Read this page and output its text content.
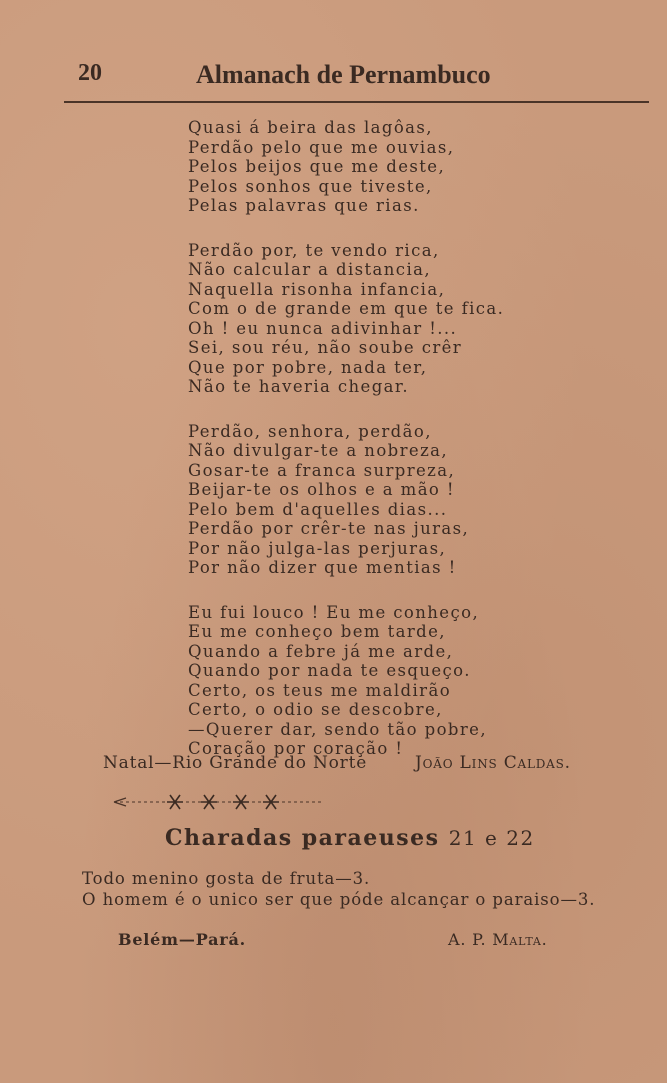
20	Almanach de Pernambuco
Quasi á beira das lagôas,
Perdão pelo que me ouvias,
Pelos beijos que me deste,
Pelos sonhos que tiveste,
Pelas palavras que rias.
Perdão por, te vendo rica,
Não calcular a distancia,
Naquella risonha infancia,
Com o de grande em que te fica.
Oh ! eu nunca adivinhar !...
Sei, sou réu, não soube crêr
Que por pobre, nada ter,
Não te haveria chegar.
Perdão, senhora, perdão,
Não divulgar-te a nobreza,
Gosar-te a franca surpreza,
Beijar-te os olhos e a mão !
Pelo bem d'aquelles dias...
Perdão por crêr-te nas juras,
Por não julga-las perjuras,
Por não dizer que mentias !
Eu fui louco ! Eu me conheço,
Eu me conheço bem tarde,
Quando a febre já me arde,
Quando por nada te esqueço.
Certo, os teus me maldirão
Certo, o odio se descobre,
—Querer dar, sendo tão pobre,
Coração por coração !
Natal—Rio Grande do Norte	João Lins Caldas.
Charadas paraeuses 21 e 22
Todo menino gosta de fruta—3.
O homem é o unico ser que póde alcançar o paraiso—3.
Belém—Pará.	A. P. Malta.
